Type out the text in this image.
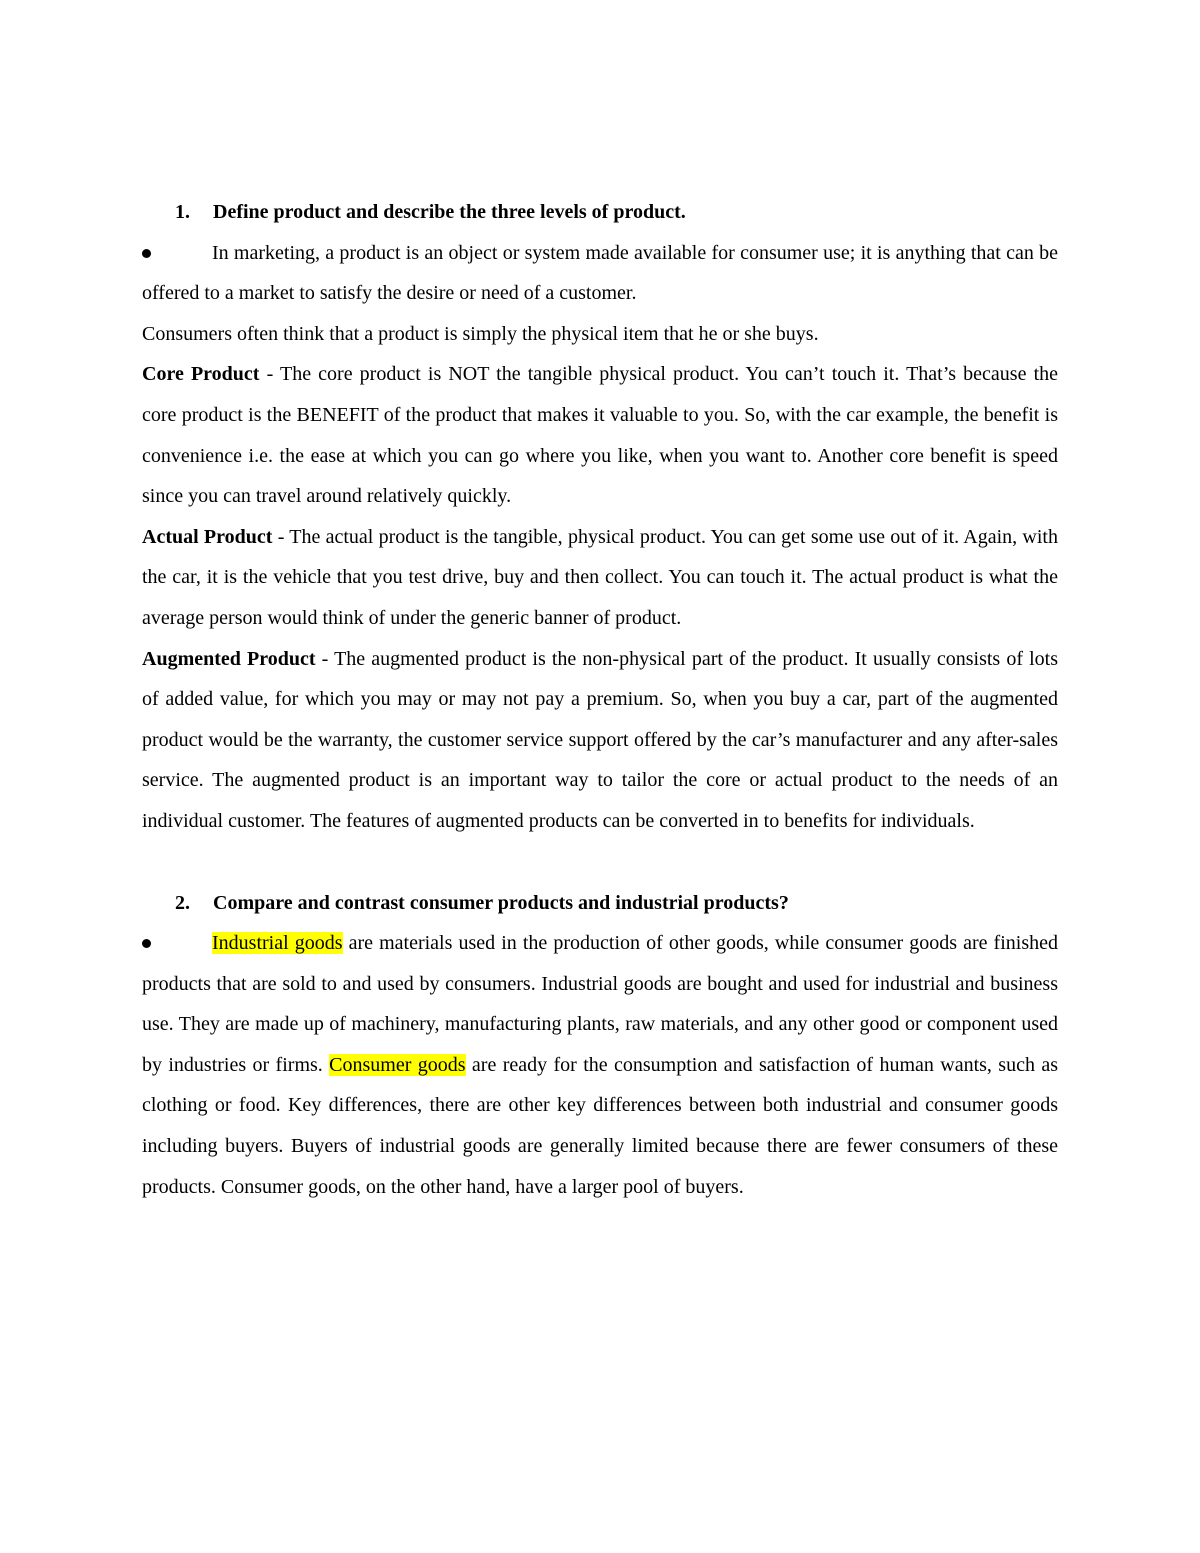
1. Define product and describe the three levels of product.

In marketing, a product is an object or system made available for consumer use; it is anything that can be offered to a market to satisfy the desire or need of a customer.

Consumers often think that a product is simply the physical item that he or she buys.

Core Product - The core product is NOT the tangible physical product. You can’t touch it. That’s because the core product is the BENEFIT of the product that makes it valuable to you. So, with the car example, the benefit is convenience i.e. the ease at which you can go where you like, when you want to. Another core benefit is speed since you can travel around relatively quickly.

Actual Product - The actual product is the tangible, physical product. You can get some use out of it. Again, with the car, it is the vehicle that you test drive, buy and then collect. You can touch it. The actual product is what the average person would think of under the generic banner of product.

Augmented Product - The augmented product is the non-physical part of the product. It usually consists of lots of added value, for which you may or may not pay a premium. So, when you buy a car, part of the augmented product would be the warranty, the customer service support offered by the car’s manufacturer and any after-sales service. The augmented product is an important way to tailor the core or actual product to the needs of an individual customer. The features of augmented products can be converted in to benefits for individuals.

2. Compare and contrast consumer products and industrial products?

Industrial goods are materials used in the production of other goods, while consumer goods are finished products that are sold to and used by consumers. Industrial goods are bought and used for industrial and business use. They are made up of machinery, manufacturing plants, raw materials, and any other good or component used by industries or firms. Consumer goods are ready for the consumption and satisfaction of human wants, such as clothing or food. Key differences, there are other key differences between both industrial and consumer goods including buyers. Buyers of industrial goods are generally limited because there are fewer consumers of these products. Consumer goods, on the other hand, have a larger pool of buyers.
